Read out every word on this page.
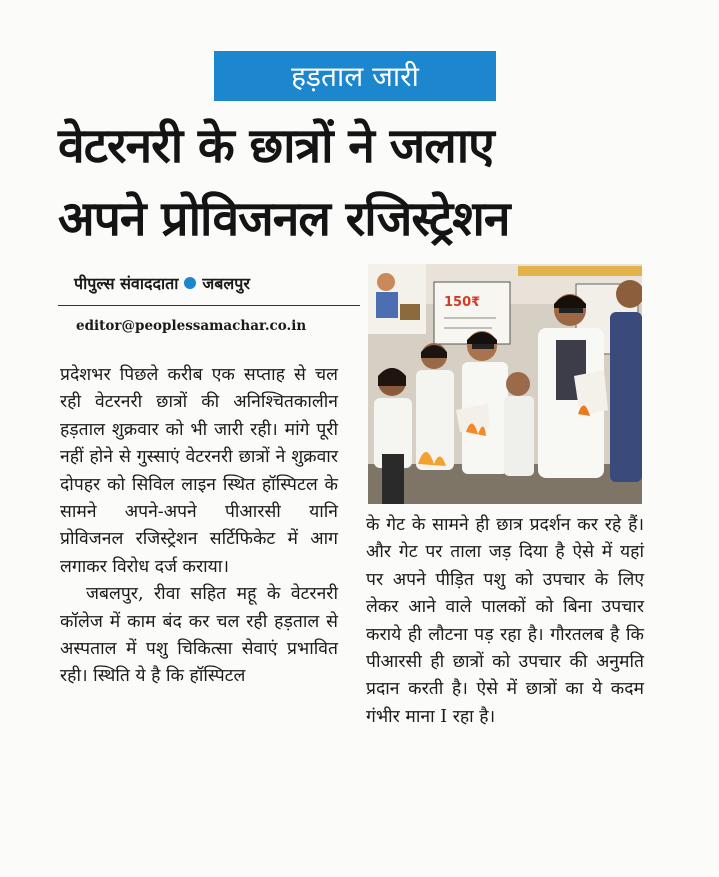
हड़ताल जारी
वेटरनरी के छात्रों ने जलाए
अपने प्रोविजनल रजिस्ट्रेशन
पीपुल्स संवाददाता जबलपुर
editor@peoplessamachar.co.in

प्रदेशभर पिछले करीब एक सप्ताह से चल रही वेटरनरी छात्रों की अनिश्चितकालीन हड़ताल शुक्रवार को भी जारी रही। मांगे पूरी नहीं होने से गुस्साएं वेटरनरी छात्रों ने शुक्रवार दोपहर को सिविल लाइन स्थित हॉस्पिटल के सामने अपने-अपने पीआरसी यानि प्रोविजनल रजिस्ट्रेशन सर्टिफिकेट में आग लगाकर विरोध दर्ज कराया।

जबलपुर, रीवा सहित महू के वेटरनरी कॉलेज में काम बंद कर चल रही हड़ताल से अस्पताल में पशु चिकित्सा सेवाएं प्रभावित रही। स्थिति ये है कि हॉस्पिटल

150₹

के गेट के सामने ही छात्र प्रदर्शन कर रहे हैं। और गेट पर ताला जड़ दिया है ऐसे में यहां पर अपने पीड़ित पशु को उपचार के लिए लेकर आने वाले पालकों को बिना उपचार कराये ही लौटना पड़ रहा है। गौरतलब है कि पीआरसी ही छात्रों को उपचार की अनुमति प्रदान करती है। ऐसे में छात्रों का ये कदम गंभीर माना I रहा है।
